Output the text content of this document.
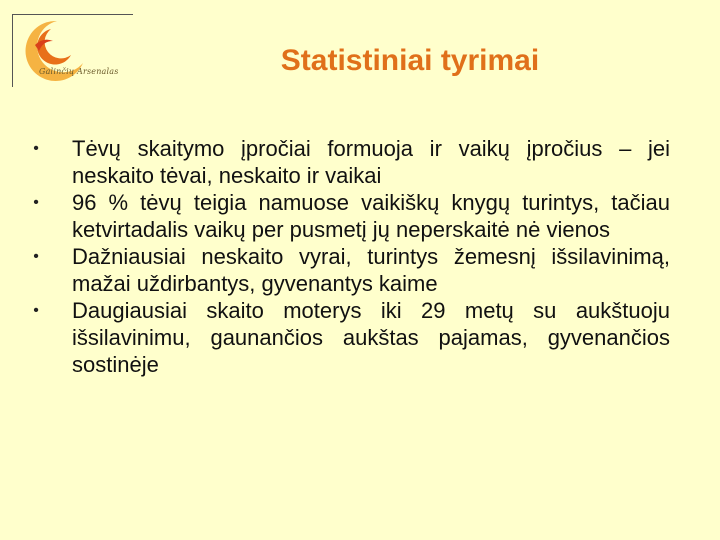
Galinčių Arsenalas	Statistiniai tyrimai
• Tėvų skaitymo įpročiai formuoja ir vaikų įpročius – jei neskaito tėvai, neskaito ir vaikai
• 96 % tėvų teigia namuose vaikiškų knygų turintys, tačiau ketvirtadalis vaikų per pusmetį jų neperskaitė nė vienos
• Dažniausiai neskaito vyrai, turintys žemesnį išsilavinimą, mažai uždirbantys, gyvenantys kaime
• Daugiausiai skaito moterys iki 29 metų su aukštuoju išsilavinimu, gaunančios aukštas pajamas, gyvenančios sostinėje
